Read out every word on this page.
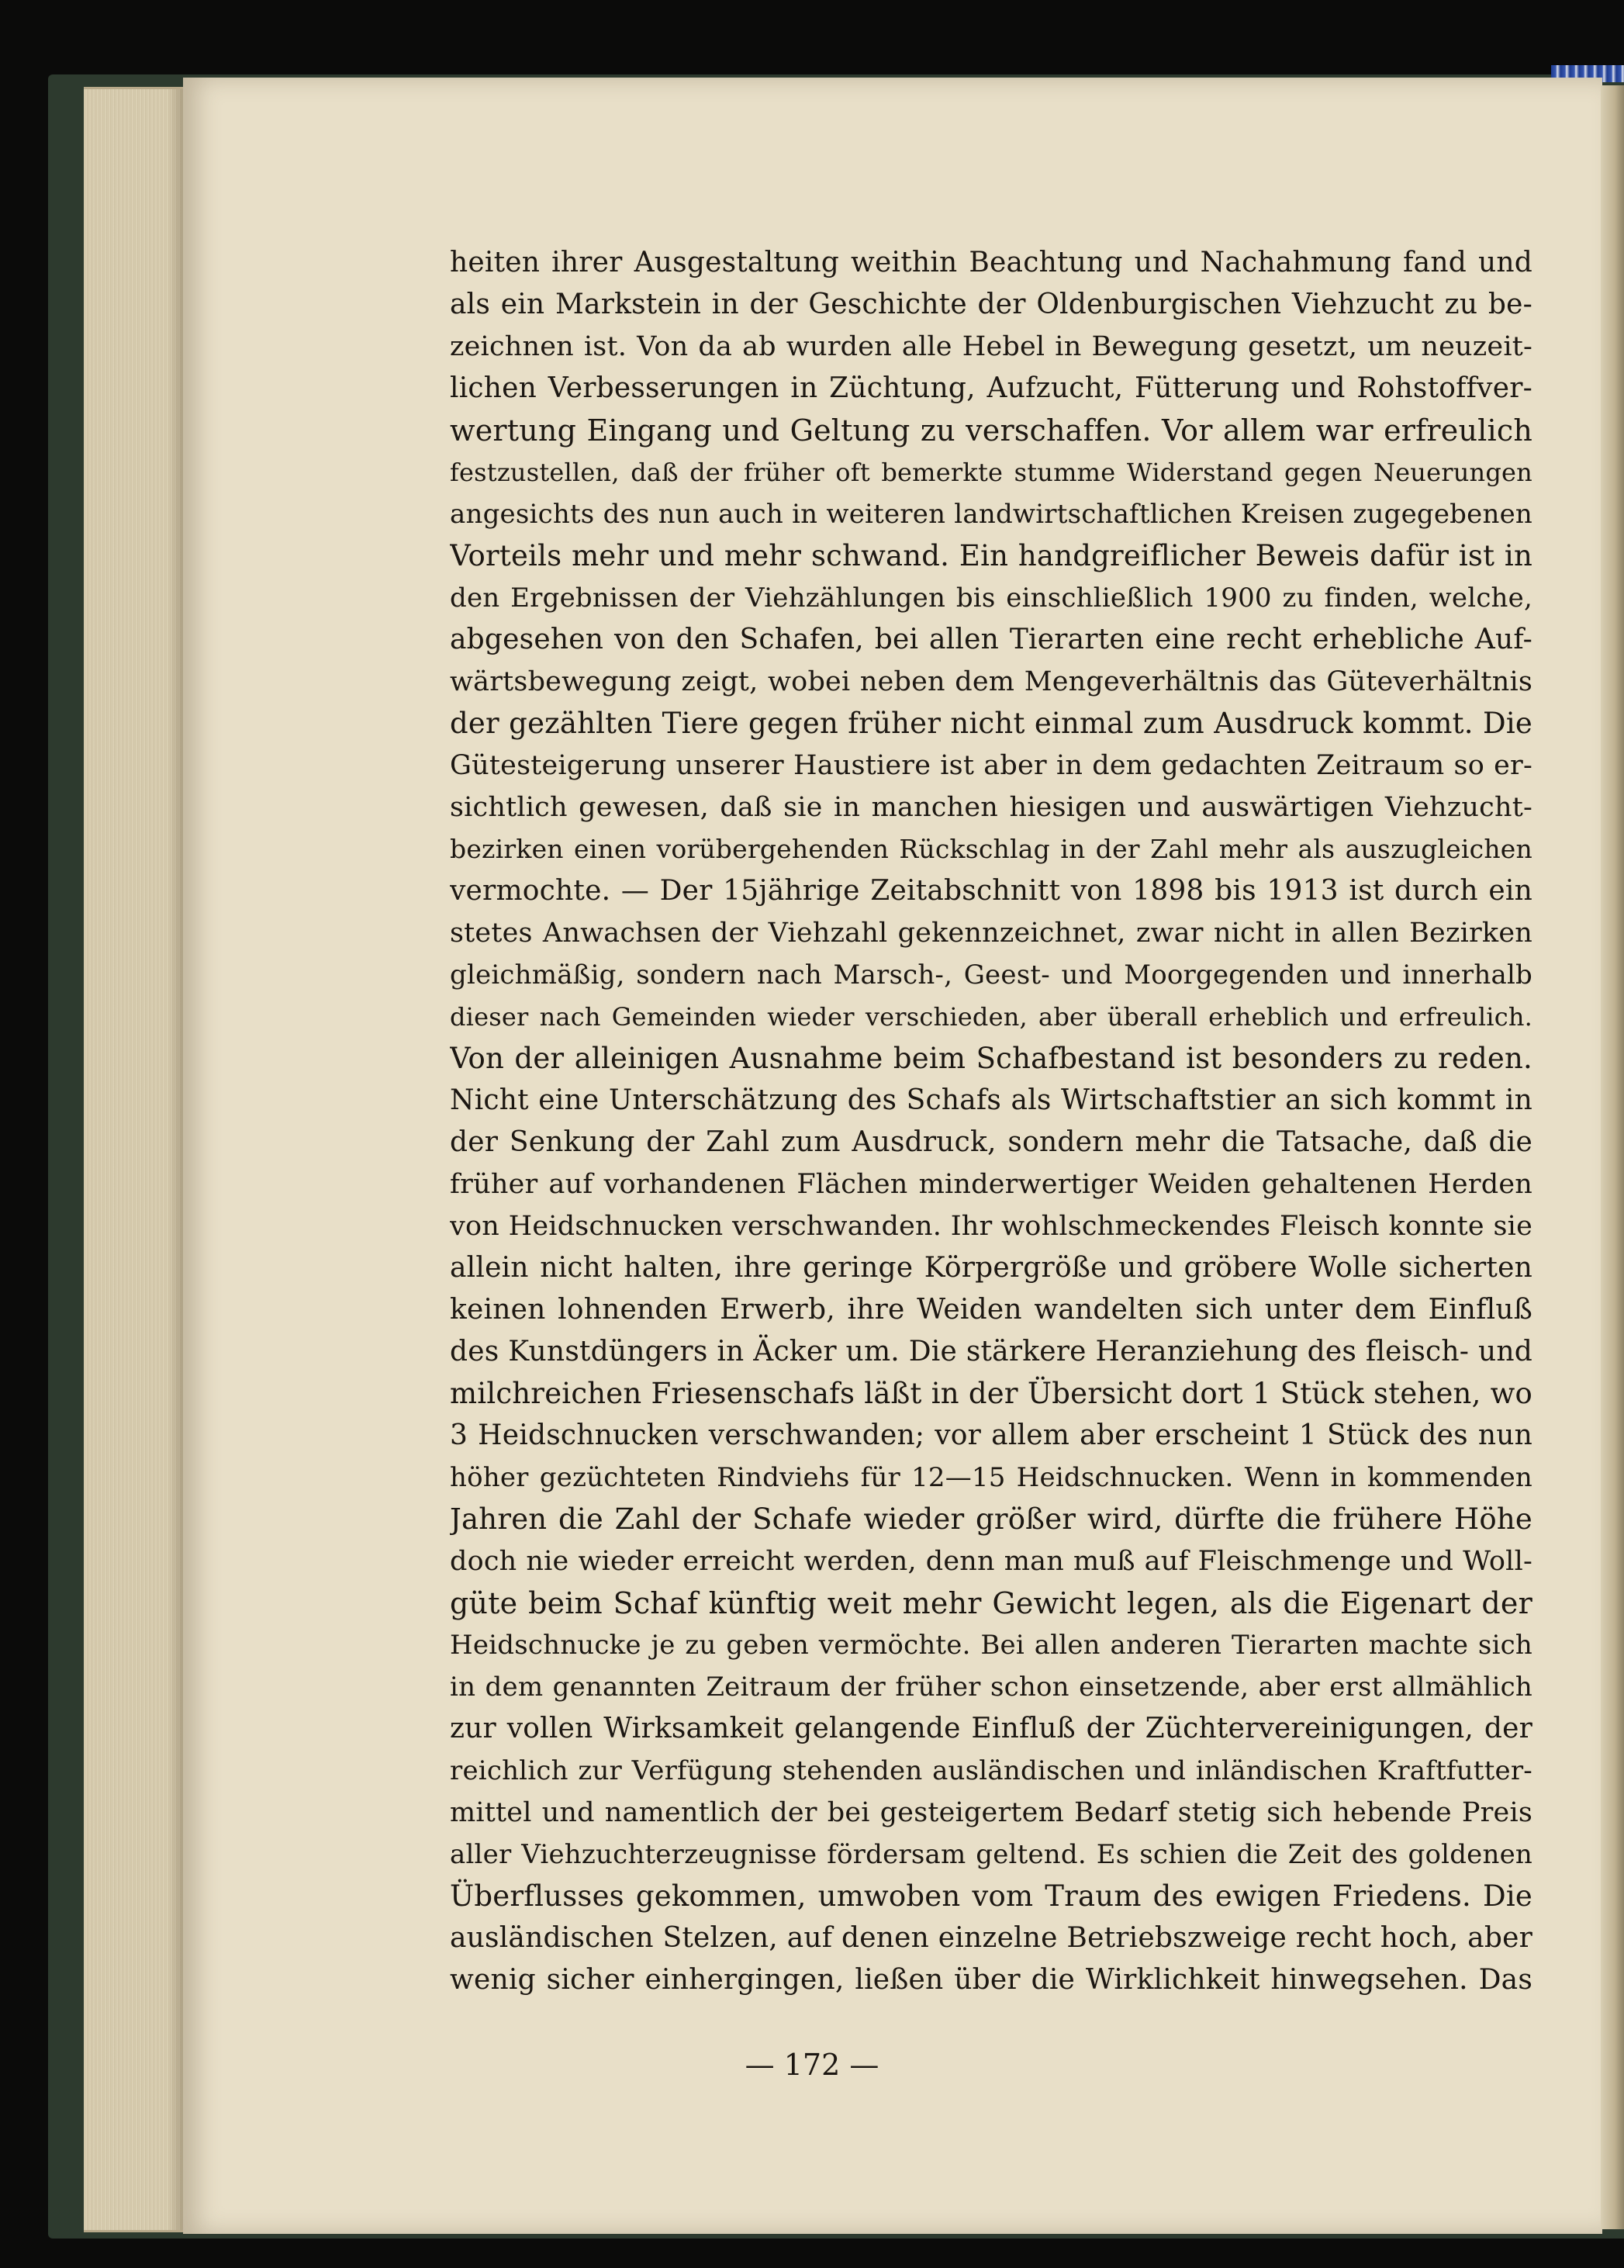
heiten ihrer Ausgestaltung weithin Beachtung und Nachahmung fand und
als ein Markstein in der Geschichte der Oldenburgischen Viehzucht zu be-
zeichnen ist. Von da ab wurden alle Hebel in Bewegung gesetzt, um neuzeit-
lichen Verbesserungen in Züchtung, Aufzucht, Fütterung und Rohstoffver-
wertung Eingang und Geltung zu verschaffen. Vor allem war erfreulich
festzustellen, daß der früher oft bemerkte stumme Widerstand gegen Neuerungen
angesichts des nun auch in weiteren landwirtschaftlichen Kreisen zugegebenen
Vorteils mehr und mehr schwand. Ein handgreiflicher Beweis dafür ist in
den Ergebnissen der Viehzählungen bis einschließlich 1900 zu finden, welche,
abgesehen von den Schafen, bei allen Tierarten eine recht erhebliche Auf-
wärtsbewegung zeigt, wobei neben dem Mengeverhältnis das Güteverhältnis
der gezählten Tiere gegen früher nicht einmal zum Ausdruck kommt. Die
Gütesteigerung unserer Haustiere ist aber in dem gedachten Zeitraum so er-
sichtlich gewesen, daß sie in manchen hiesigen und auswärtigen Viehzucht-
bezirken einen vorübergehenden Rückschlag in der Zahl mehr als auszugleichen
vermochte. — Der 15jährige Zeitabschnitt von 1898 bis 1913 ist durch ein
stetes Anwachsen der Viehzahl gekennzeichnet, zwar nicht in allen Bezirken
gleichmäßig, sondern nach Marsch-, Geest- und Moorgegenden und innerhalb
dieser nach Gemeinden wieder verschieden, aber überall erheblich und erfreulich.
Von der alleinigen Ausnahme beim Schafbestand ist besonders zu reden.
Nicht eine Unterschätzung des Schafs als Wirtschaftstier an sich kommt in
der Senkung der Zahl zum Ausdruck, sondern mehr die Tatsache, daß die
früher auf vorhandenen Flächen minderwertiger Weiden gehaltenen Herden
von Heidschnucken verschwanden. Ihr wohlschmeckendes Fleisch konnte sie
allein nicht halten, ihre geringe Körpergröße und gröbere Wolle sicherten
keinen lohnenden Erwerb, ihre Weiden wandelten sich unter dem Einfluß
des Kunstdüngers in Äcker um. Die stärkere Heranziehung des fleisch- und
milchreichen Friesenschafs läßt in der Übersicht dort 1 Stück stehen, wo
3 Heidschnucken verschwanden; vor allem aber erscheint 1 Stück des nun
höher gezüchteten Rindviehs für 12—15 Heidschnucken. Wenn in kommenden
Jahren die Zahl der Schafe wieder größer wird, dürfte die frühere Höhe
doch nie wieder erreicht werden, denn man muß auf Fleischmenge und Woll-
güte beim Schaf künftig weit mehr Gewicht legen, als die Eigenart der
Heidschnucke je zu geben vermöchte. Bei allen anderen Tierarten machte sich
in dem genannten Zeitraum der früher schon einsetzende, aber erst allmählich
zur vollen Wirksamkeit gelangende Einfluß der Züchtervereinigungen, der
reichlich zur Verfügung stehenden ausländischen und inländischen Kraftfutter-
mittel und namentlich der bei gesteigertem Bedarf stetig sich hebende Preis
aller Viehzuchterzeugnisse fördersam geltend. Es schien die Zeit des goldenen
Überflusses gekommen, umwoben vom Traum des ewigen Friedens. Die
ausländischen Stelzen, auf denen einzelne Betriebszweige recht hoch, aber
wenig sicher einhergingen, ließen über die Wirklichkeit hinwegsehen. Das
— 172 —
